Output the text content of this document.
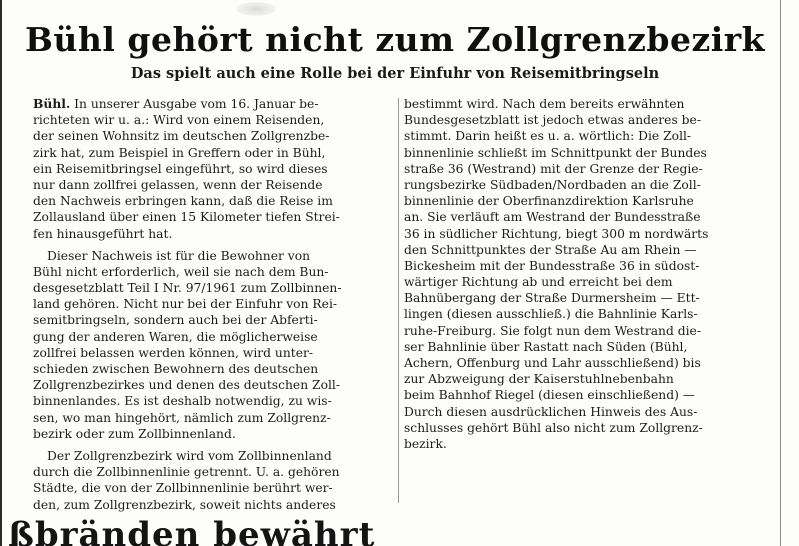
Bühl gehört nicht zum Zollgrenzbezirk
Das spielt auch eine Rolle bei der Einfuhr von Reisemitbringseln
Bühl. In unserer Ausgabe vom 16. Januar be-
richteten wir u. a.: Wird von einem Reisenden,
der seinen Wohnsitz im deutschen Zollgrenzbe-
zirk hat, zum Beispiel in Greffern oder in Bühl,
ein Reisemitbringsel eingeführt, so wird dieses
nur dann zollfrei gelassen, wenn der Reisende
den Nachweis erbringen kann, daß die Reise im
Zollausland über einen 15 Kilometer tiefen Strei-
fen hinausgeführt hat.
Dieser Nachweis ist für die Bewohner von
Bühl nicht erforderlich, weil sie nach dem Bun-
desgesetzblatt Teil I Nr. 97/1961 zum Zollbinnen-
land gehören. Nicht nur bei der Einfuhr von Rei-
semitbringseln, sondern auch bei der Abferti-
gung der anderen Waren, die möglicherweise
zollfrei belassen werden können, wird unter-
schieden zwischen Bewohnern des deutschen
Zollgrenzbezirkes und denen des deutschen Zoll-
binnenlandes. Es ist deshalb notwendig, zu wis-
sen, wo man hingehört, nämlich zum Zollgrenz-
bezirk oder zum Zollbinnenland.
Der Zollgrenzbezirk wird vom Zollbinnenland
durch die Zollbinnenlinie getrennt. U. a. gehören
Städte, die von der Zollbinnenlinie berührt wer-
den, zum Zollgrenzbezirk, soweit nichts anderes
bestimmt wird. Nach dem bereits erwähnten
Bundesgesetzblatt ist jedoch etwas anderes be-
stimmt. Darin heißt es u. a. wörtlich: Die Zoll-
binnenlinie schließt im Schnittpunkt der Bundes
straße 36 (Westrand) mit der Grenze der Regie-
rungsbezirke Südbaden/Nordbaden an die Zoll-
binnenlinie der Oberfinanzdirektion Karlsruhe
an. Sie verläuft am Westrand der Bundesstraße
36 in südlicher Richtung, biegt 300 m nordwärts
den Schnittpunktes der Straße Au am Rhein —
Bickesheim mit der Bundesstraße 36 in südost-
wärtiger Richtung ab und erreicht bei dem
Bahnübergang der Straße Durmersheim — Ett-
lingen (diesen ausschließ.) die Bahnlinie Karls-
ruhe-Freiburg. Sie folgt nun dem Westrand die-
ser Bahnlinie über Rastatt nach Süden (Bühl,
Achern, Offenburg und Lahr ausschließend) bis
zur Abzweigung der Kaiserstuhlnebenbahn
beim Bahnhof Riegel (diesen einschließend) —
Durch diesen ausdrücklichen Hinweis des Aus-
schlusses gehört Bühl also nicht zum Zollgrenz-
bezirk.
ßbränden bewährt
